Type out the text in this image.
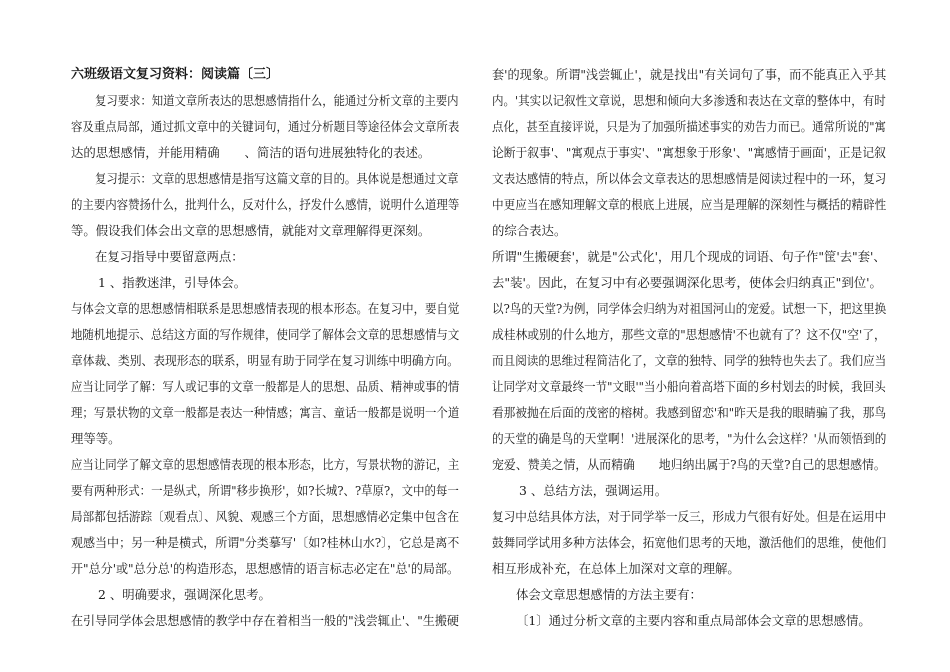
六班级语文复习资料：阅读篇〔三〕
复习要求：知道文章所表达的思想感情指什么，能通过分析文章的主要内
容及重点局部，通过抓文章中的关键词句，通过分析题目等途径体会文章所表
达的思想感情，并能用精确　　、简洁的语句进展独特化的表述。
复习提示：文章的思想感情是指写这篇文章的目的。具体说是想通过文章
的主要内容赞扬什么，批判什么，反对什么，抒发什么感情，说明什么道理等
等。假设我们体会出文章的思想感情，就能对文章理解得更深刻。
在复习指导中要留意两点：
1 、指教迷津，引导体会。
与体会文章的思想感情相联系是思想感情表现的根本形态。在复习中，要自觉
地随机地提示、总结这方面的写作规律，使同学了解体会文章的思想感情与文
章体裁、类别、表现形态的联系，明显有助于同学在复习训练中明确方向。
应当让同学了解：写人或记事的文章一般都是人的思想、品质、精神或事的情
理；写景状物的文章一般都是表达一种情感；寓言、童话一般都是说明一个道
理等等。
应当让同学了解文章的思想感情表现的根本形态，比方，写景状物的游记，主
要有两种形式：一是纵式，所谓"移步换形'，如?长城?、?草原?，文中的每一
局部都包括游踪〔观看点〕、风貌、观感三个方面，思想感情必定集中包含在
观感当中；另一种是横式，所谓"分类摹写'〔如?桂林山水?〕，它总是离不
开"总分'或"总分总'的构造形态，思想感情的语言标志必定在"总'的局部。
2 、明确要求，强调深化思考。
在引导同学体会思想感情的教学中存在着相当一般的"浅尝辄止'、"生搬硬
套'的现象。所谓"浅尝辄止'，就是找出"有关词句了事，而不能真正入乎其
内。'其实以记叙性文章说，思想和倾向大多渗透和表达在文章的整体中，有时
点化，甚至直接评说，只是为了加强所描述事实的劝告力而已。通常所说的"寓
论断于叙事'、"寓观点于事实'、"寓想象于形象'、"寓感情于画面'，正是记叙
文表达感情的特点，所以体会文章表达的思想感情是阅读过程中的一环，复习
中更应当在感知理解文章的根底上进展，应当是理解的深刻性与概括的精辟性
的综合表达。
所谓"生搬硬套'，就是"公式化'，用几个现成的词语、句子作"筐'去"套'、
去"装'。因此，在复习中有必要强调深化思考，使体会归纳真正"到位'。
以?鸟的天堂?为例，同学体会归纳为对祖国河山的宠爱。试想一下，把这里换
成桂林或别的什么地方，那些文章的"思想感情'不也就有了？这不仅"空'了，
而且阅读的思维过程简洁化了，文章的独特、同学的独特也失去了。我们应当
让同学对文章最终一节"文眼'"当小船向着高塔下面的乡村划去的时候，我回头
看那被抛在后面的茂密的榕树。我感到留恋'和"昨天是我的眼睛骗了我，那鸟
的天堂的确是鸟的天堂啊！'进展深化的思考，"为什么会这样？'从而领悟到的
宠爱、赞美之情，从而精确　　地归纳出属于?鸟的天堂?自己的思想感情。
3 、总结方法，强调运用。
复习中总结具体方法，对于同学举一反三，形成力气很有好处。但是在运用中
鼓舞同学试用多种方法体会，拓宽他们思考的天地，激活他们的思维，使他们
相互形成补充，在总体上加深对文章的理解。
体会文章思想感情的方法主要有：
〔1〕通过分析文章的主要内容和重点局部体会文章的思想感情。
